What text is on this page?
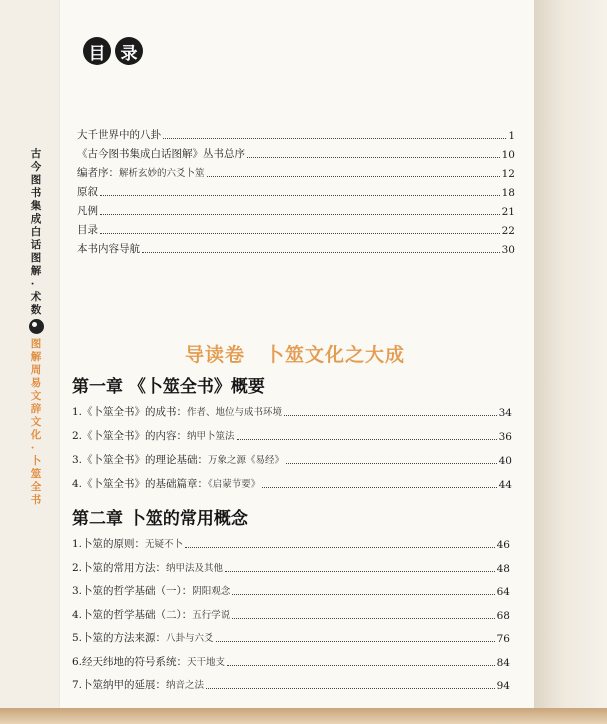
古
今
图
书
集
成
白
话
图
解
·
术
数
图
解
周
易
文
辞
文
化
·
卜
筮
全
书
目 录
大千世界中的八卦	1
《古今图书集成白话图解》丛书总序	10
编者序：解析玄妙的六爻卜筮	12
原叙	18
凡例	21
目录	22
本书内容导航	30
导读卷　卜筮文化之大成
第一章 《卜筮全书》概要
1.《卜筮全书》的成书：作者、地位与成书环境	34
2.《卜筮全书》的内容：纳甲卜筮法	36
3.《卜筮全书》的理论基础：万象之源《易经》	40
4.《卜筮全书》的基础篇章：《启蒙节要》	44
第二章 卜筮的常用概念
1.卜筮的原则：无疑不卜	46
2.卜筮的常用方法：纳甲法及其他	48
3.卜筮的哲学基础（一）：阴阳观念	64
4.卜筮的哲学基础（二）：五行学说	68
5.卜筮的方法来源：八卦与六爻	76
6.经天纬地的符号系统：天干地支	84
7.卜筮纳甲的延展：纳音之法	94
